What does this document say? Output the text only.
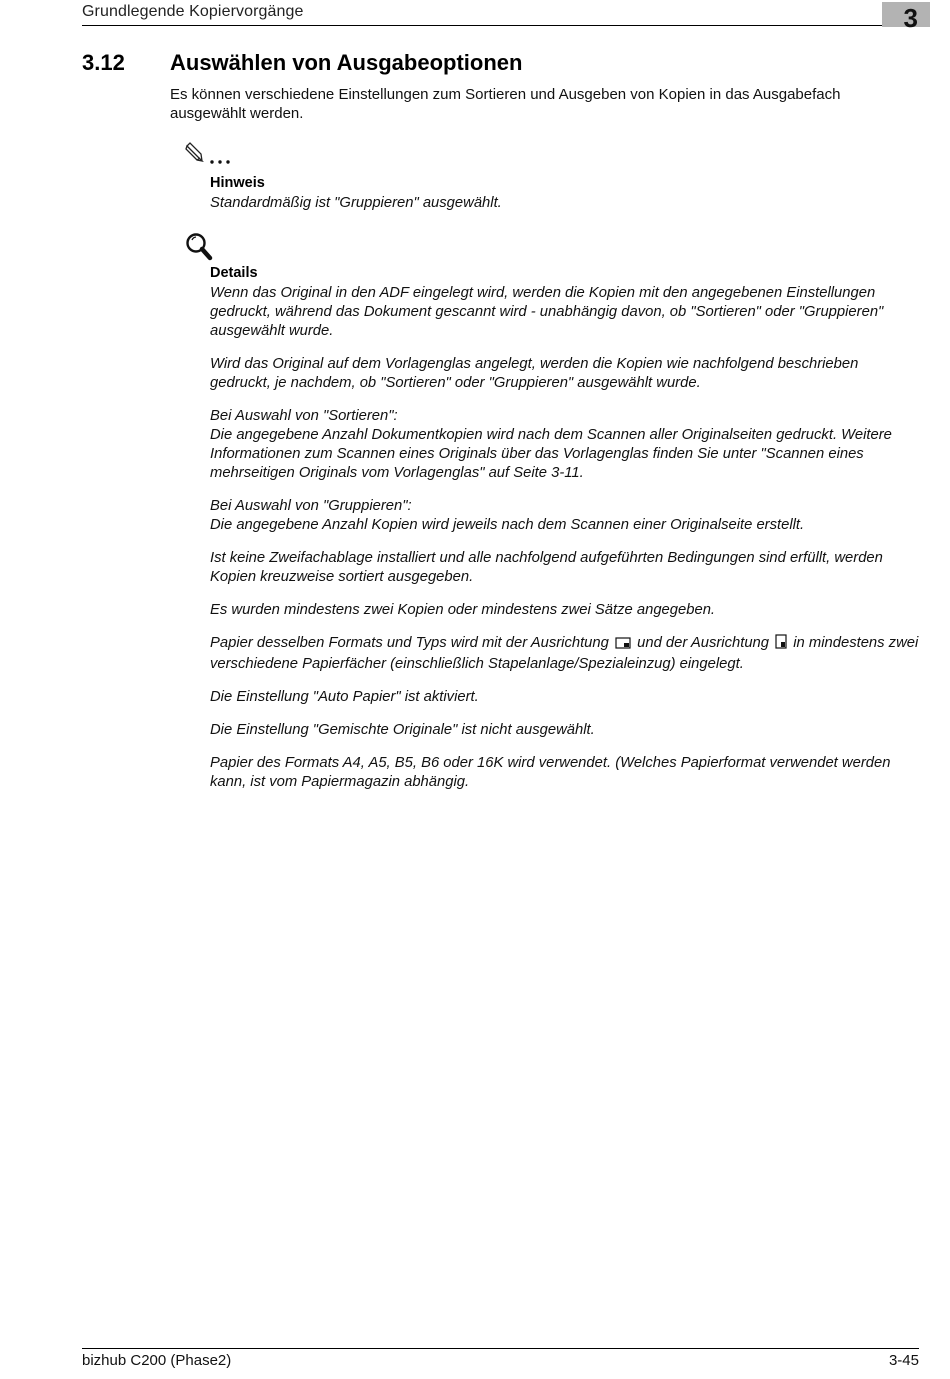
Grundlegende Kopiervorgänge	3
3.12 Auswählen von Ausgabeoptionen
Es können verschiedene Einstellungen zum Sortieren und Ausgeben von Kopien in das Ausgabefach ausgewählt werden.
Hinweis

Standardmäßig ist "Gruppieren" ausgewählt.

Details

Wenn das Original in den ADF eingelegt wird, werden die Kopien mit den angegebenen Einstellungen gedruckt, während das Dokument gescannt wird - unabhängig davon, ob "Sortieren" oder "Gruppieren" ausgewählt wurde.

Wird das Original auf dem Vorlagenglas angelegt, werden die Kopien wie nachfolgend beschrieben gedruckt, je nachdem, ob "Sortieren" oder "Gruppieren" ausgewählt wurde.

Bei Auswahl von "Sortieren":
Die angegebene Anzahl Dokumentkopien wird nach dem Scannen aller Originalseiten gedruckt. Weitere Informationen zum Scannen eines Originals über das Vorlagenglas finden Sie unter "Scannen eines mehrseitigen Originals vom Vorlagenglas" auf Seite 3-11.

Bei Auswahl von "Gruppieren":
Die angegebene Anzahl Kopien wird jeweils nach dem Scannen einer Originalseite erstellt.

Ist keine Zweifachablage installiert und alle nachfolgend aufgeführten Bedingungen sind erfüllt, werden Kopien kreuzweise sortiert ausgegeben.

Es wurden mindestens zwei Kopien oder mindestens zwei Sätze angegeben.

Papier desselben Formats und Typs wird mit der Ausrichtung und der Ausrichtung in mindestens zwei verschiedene Papierfächer (einschließlich Stapelanlage/Spezialeinzug) eingelegt.

Die Einstellung "Auto Papier" ist aktiviert.

Die Einstellung "Gemischte Originale" ist nicht ausgewählt.

Papier des Formats A4, A5, B5, B6 oder 16K wird verwendet. (Welches Papierformat verwendet werden kann, ist vom Papiermagazin abhängig.

bizhub C200 (Phase2)	3-45
